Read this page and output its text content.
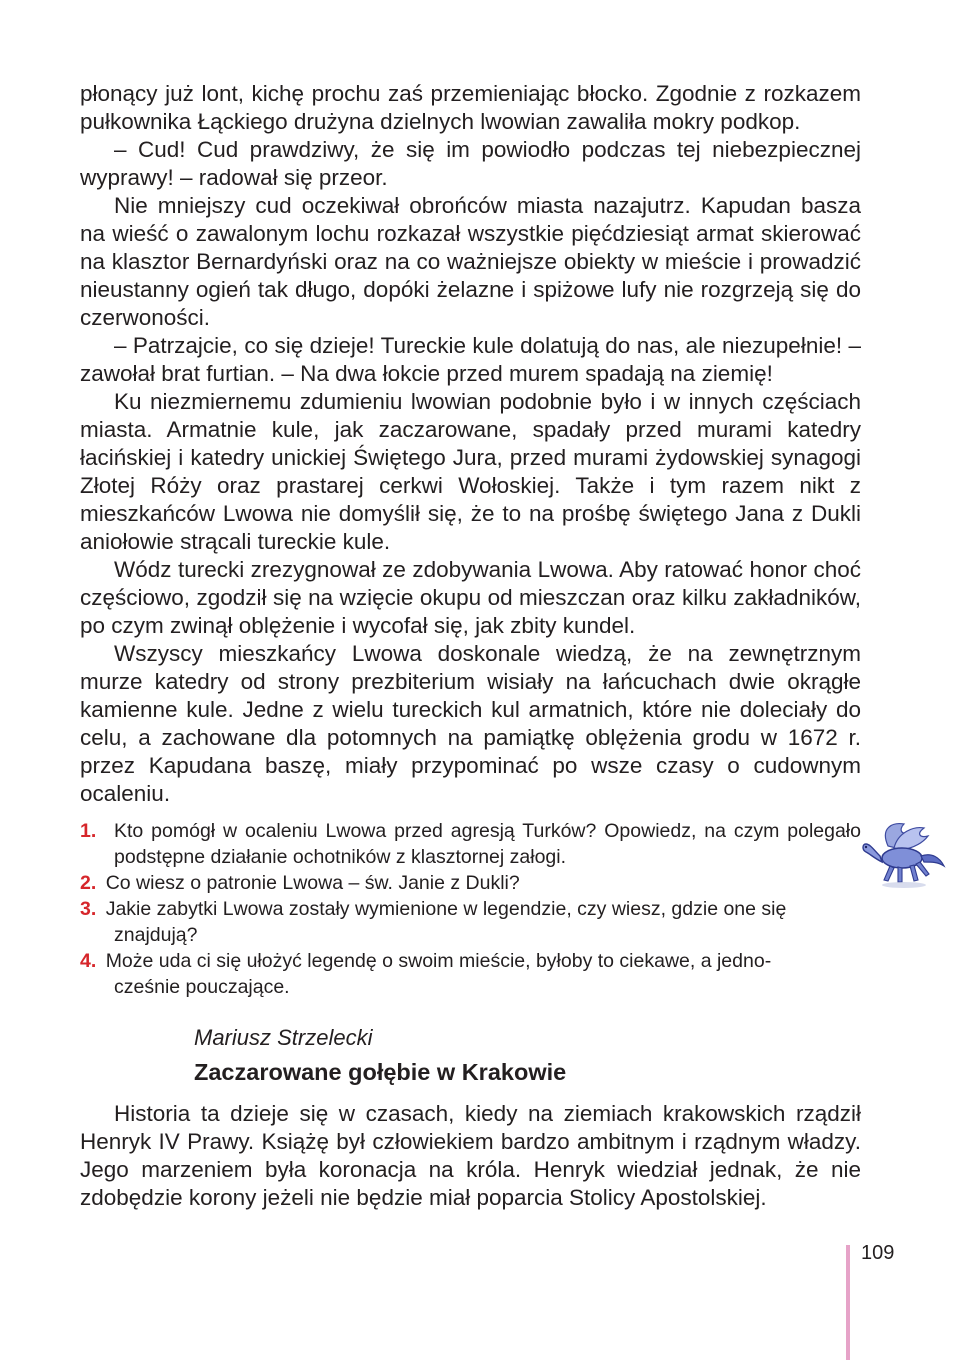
płonący już lont, kichę prochu zaś przemieniając błocko. Zgodnie z rozkazem pułkownika Łąckiego drużyna dzielnych lwowian zawaliła mokry podkop.

– Cud! Cud prawdziwy, że się im powiodło podczas tej niebezpiecznej wyprawy! – radował się przeor.

Nie mniejszy cud oczekiwał obrońców miasta nazajutrz. Kapudan basza na wieść o zawalonym lochu rozkazał wszystkie pięćdziesiąt armat skierować na klasztor Bernardyński oraz na co ważniejsze obiekty w mieście i prowadzić nieustanny ogień tak długo, dopóki żelazne i spiżowe lufy nie rozgrzeją się do czerwoności.

– Patrzajcie, co się dzieje! Tureckie kule dolatują do nas, ale niezupełnie! – zawołał brat furtian. – Na dwa łokcie przed murem spadają na ziemię!

Ku niezmiernemu zdumieniu lwowian podobnie było i w innych częściach miasta. Armatnie kule, jak zaczarowane, spadały przed murami katedry łacińskiej i katedry unickiej Świętego Jura, przed murami żydowskiej synagogi Złotej Róży oraz prastarej cerkwi Wołoskiej. Także i tym razem nikt z mieszkańców Lwowa nie domyślił się, że to na prośbę świętego Jana z Dukli aniołowie strącali tureckie kule.

Wódz turecki zrezygnował ze zdobywania Lwowa. Aby ratować honor choć częściowo, zgodził się na wzięcie okupu od mieszczan oraz kilku zakładników, po czym zwinął oblężenie i wycofał się, jak zbity kundel.

Wszyscy mieszkańcy Lwowa doskonale wiedzą, że na zewnętrznym murze katedry od strony prezbiterium wisiały na łańcuchach dwie okrągłe kamienne kule. Jedne z wielu tureckich kul armatnich, które nie doleciały do celu, a zachowane dla potomnych na pamiątkę oblężenia grodu w 1672 r. przez Kapudana baszę, miały przypominać po wsze czasy o cudownym ocaleniu.

1. Kto pomógł w ocaleniu Lwowa przed agresją Turków? Opowiedz, na czym polegało podstępne działanie ochotników z klasztornej załogi.
2. Co wiesz o patronie Lwowa – św. Janie z Dukli?
3. Jakie zabytki Lwowa zostały wymienione w legendzie, czy wiesz, gdzie one się
znajdują?
4. Może uda ci się ułożyć legendę o swoim mieście, byłoby to ciekawe, a jedno-
cześnie pouczające.
Mariusz Strzelecki
Zaczarowane gołębie w Krakowie

Historia ta dzieje się w czasach, kiedy na ziemiach krakowskich rządził Henryk IV Prawy. Książę był człowiekiem bardzo ambitnym i rządnym władzy. Jego marzeniem była koronacja na króla. Henryk wiedział jednak, że nie zdobędzie korony jeżeli nie będzie miał poparcia Stolicy Apostolskiej.

109
